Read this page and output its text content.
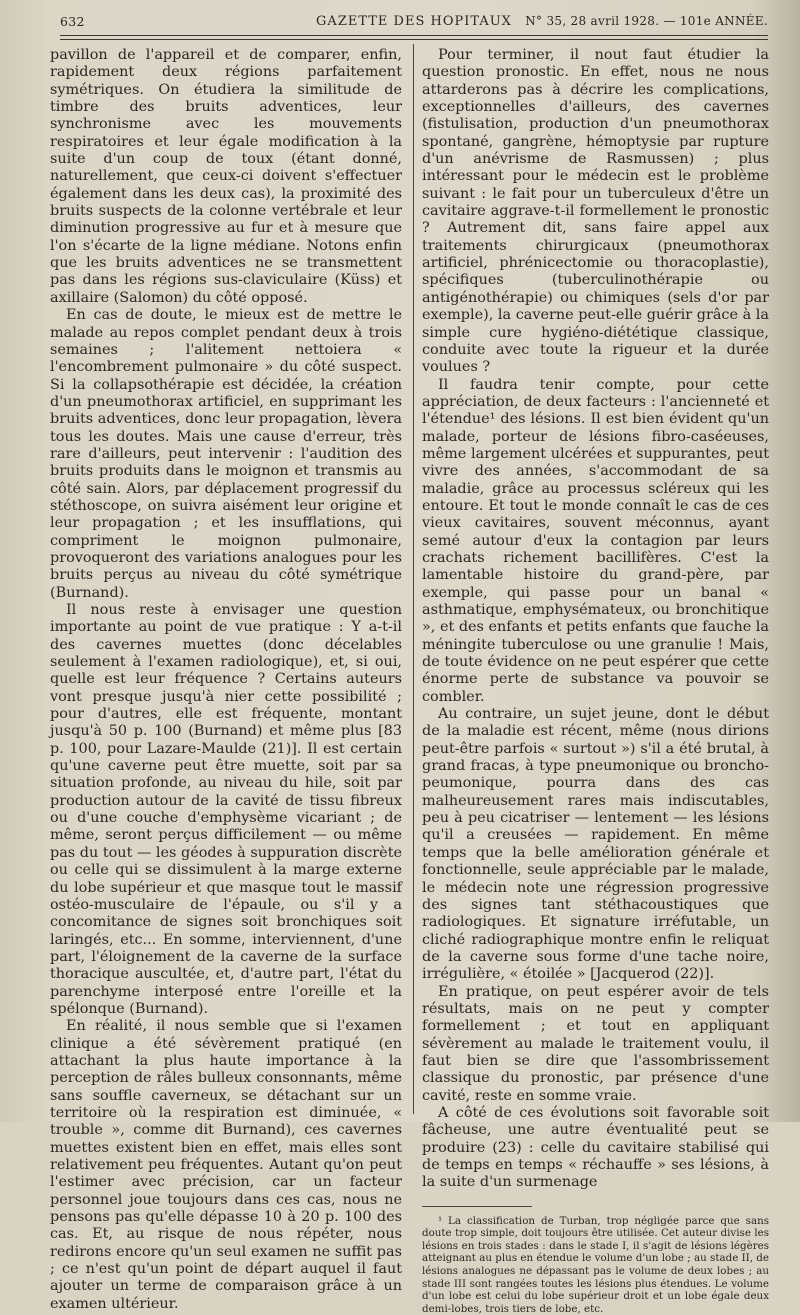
632	GAZETTE DES HOPITAUX	N° 35, 28 avril 1928. — 101e ANNÉE.

pavillon de l'appareil et de comparer, enfin, rapidement deux régions parfaitement symétriques. On étudiera la similitude de timbre des bruits adventices, leur synchronisme avec les mouvements respiratoires et leur égale modification à la suite d'un coup de toux (étant donné, naturellement, que ceux-ci doivent s'effectuer également dans les deux cas), la proximité des bruits suspects de la colonne vertébrale et leur diminution progressive au fur et à mesure que l'on s'écarte de la ligne médiane. Notons enfin que les bruits adventices ne se transmettent pas dans les régions sus-claviculaire (Küss) et axillaire (Salomon) du côté opposé.

En cas de doute, le mieux est de mettre le malade au repos complet pendant deux à trois semaines ; l'alitement nettoiera « l'encombrement pulmonaire » du côté suspect. Si la collapsothérapie est décidée, la création d'un pneumothorax artificiel, en supprimant les bruits adventices, donc leur propagation, lèvera tous les doutes. Mais une cause d'erreur, très rare d'ailleurs, peut intervenir : l'audition des bruits produits dans le moignon et transmis au côté sain. Alors, par déplacement progressif du stéthoscope, on suivra aisément leur origine et leur propagation ; et les insufflations, qui compriment le moignon pulmonaire, provoqueront des variations analogues pour les bruits perçus au niveau du côté symétrique (Burnand).

Il nous reste à envisager une question importante au point de vue pratique : Y a-t-il des cavernes muettes (donc décelables seulement à l'examen radiologique), et, si oui, quelle est leur fréquence ? Certains auteurs vont presque jusqu'à nier cette possibilité ; pour d'autres, elle est fréquente, montant jusqu'à 50 p. 100 (Burnand) et même plus [83 p. 100, pour Lazare-Maulde (21)]. Il est certain qu'une caverne peut être muette, soit par sa situation profonde, au niveau du hile, soit par production autour de la cavité de tissu fibreux ou d'une couche d'emphysème vicariant ; de même, seront perçus difficilement — ou même pas du tout — les géodes à suppuration discrète ou celle qui se dissimulent à la marge externe du lobe supérieur et que masque tout le massif ostéo-musculaire de l'épaule, ou s'il y a concomitance de signes soit bronchiques soit laringés, etc... En somme, interviennent, d'une part, l'éloignement de la caverne de la surface thoracique auscultée, et, d'autre part, l'état du parenchyme interposé entre l'oreille et la spélonque (Burnand).

En réalité, il nous semble que si l'examen clinique a été sévèrement pratiqué (en attachant la plus haute importance à la perception de râles bulleux consonnants, même sans souffle caverneux, se détachant sur un territoire où la respiration est diminuée, « trouble », comme dit Burnand), ces cavernes muettes existent bien en effet, mais elles sont relativement peu fréquentes. Autant qu'on peut l'estimer avec précision, car un facteur personnel joue toujours dans ces cas, nous ne pensons pas qu'elle dépasse 10 à 20 p. 100 des cas. Et, au risque de nous répéter, nous redirons encore qu'un seul examen ne suffit pas ; ce n'est qu'un point de départ auquel il faut ajouter un terme de comparaison grâce à un examen ultérieur.

Pour terminer, il nout faut étudier la question pronostic. En effet, nous ne nous attarderons pas à décrire les complications, exceptionnelles d'ailleurs, des cavernes (fistulisation, production d'un pneumothorax spontané, gangrène, hémoptysie par rupture d'un anévrisme de Rasmussen) ; plus intéressant pour le médecin est le problème suivant : le fait pour un tuberculeux d'être un cavitaire aggrave-t-il formellement le pronostic ? Autrement dit, sans faire appel aux traitements chirurgicaux (pneumothorax artificiel, phrénicectomie ou thoracoplastie), spécifiques (tuberculinothérapie ou antigénothérapie) ou chimiques (sels d'or par exemple), la caverne peut-elle guérir grâce à la simple cure hygiéno-diététique classique, conduite avec toute la rigueur et la durée voulues ?

Il faudra tenir compte, pour cette appréciation, de deux facteurs : l'ancienneté et l'étendue¹ des lésions. Il est bien évident qu'un malade, porteur de lésions fibro-caséeuses, même largement ulcérées et suppurantes, peut vivre des années, s'accommodant de sa maladie, grâce au processus scléreux qui les entoure. Et tout le monde connaît le cas de ces vieux cavitaires, souvent méconnus, ayant semé autour d'eux la contagion par leurs crachats richement bacillifères. C'est la lamentable histoire du grand-père, par exemple, qui passe pour un banal « asthmatique, emphysémateux, ou bronchitique », et des enfants et petits enfants que fauche la méningite tuberculose ou une granulie ! Mais, de toute évidence on ne peut espérer que cette énorme perte de substance va pouvoir se combler.

Au contraire, un sujet jeune, dont le début de la maladie est récent, même (nous dirions peut-être parfois « surtout ») s'il a été brutal, à grand fracas, à type pneumonique ou broncho-peumonique, pourra dans des cas malheureusement rares mais indiscutables, peu à peu cicatriser — lentement — les lésions qu'il a creusées — rapidement. En même temps que la belle amélioration générale et fonctionnelle, seule appréciable par le malade, le médecin note une régression progressive des signes tant stéthacoustiques que radiologiques. Et signature irréfutable, un cliché radiographique montre enfin le reliquat de la caverne sous forme d'une tache noire, irrégulière, « étoilée » [Jacquerod (22)].

En pratique, on peut espérer avoir de tels résultats, mais on ne peut y compter formellement ; et tout en appliquant sévèrement au malade le traitement voulu, il faut bien se dire que l'assombrissement classique du pronostic, par présence d'une cavité, reste en somme vraie.

A côté de ces évolutions soit favorable soit fâcheuse, une autre éventualité peut se produire (23) : celle du cavitaire stabilisé qui de temps en temps « réchauffe » ses lésions, à la suite d'un surmenage

¹ La classification de Turban, trop négligée parce que sans doute trop simple, doit toujours être utilisée. Cet auteur divise les lésions en trois stades : dans le stade I, il s'agit de lésions légères atteignant au plus en étendue le volume d'un lobe ; au stade II, de lésions analogues ne dépassant pas le volume de deux lobes ; au stade III sont rangées toutes les lésions plus étendues. Le volume d'un lobe est celui du lobe supérieur droit et un lobe égale deux demi-lobes, trois tiers de lobe, etc.
